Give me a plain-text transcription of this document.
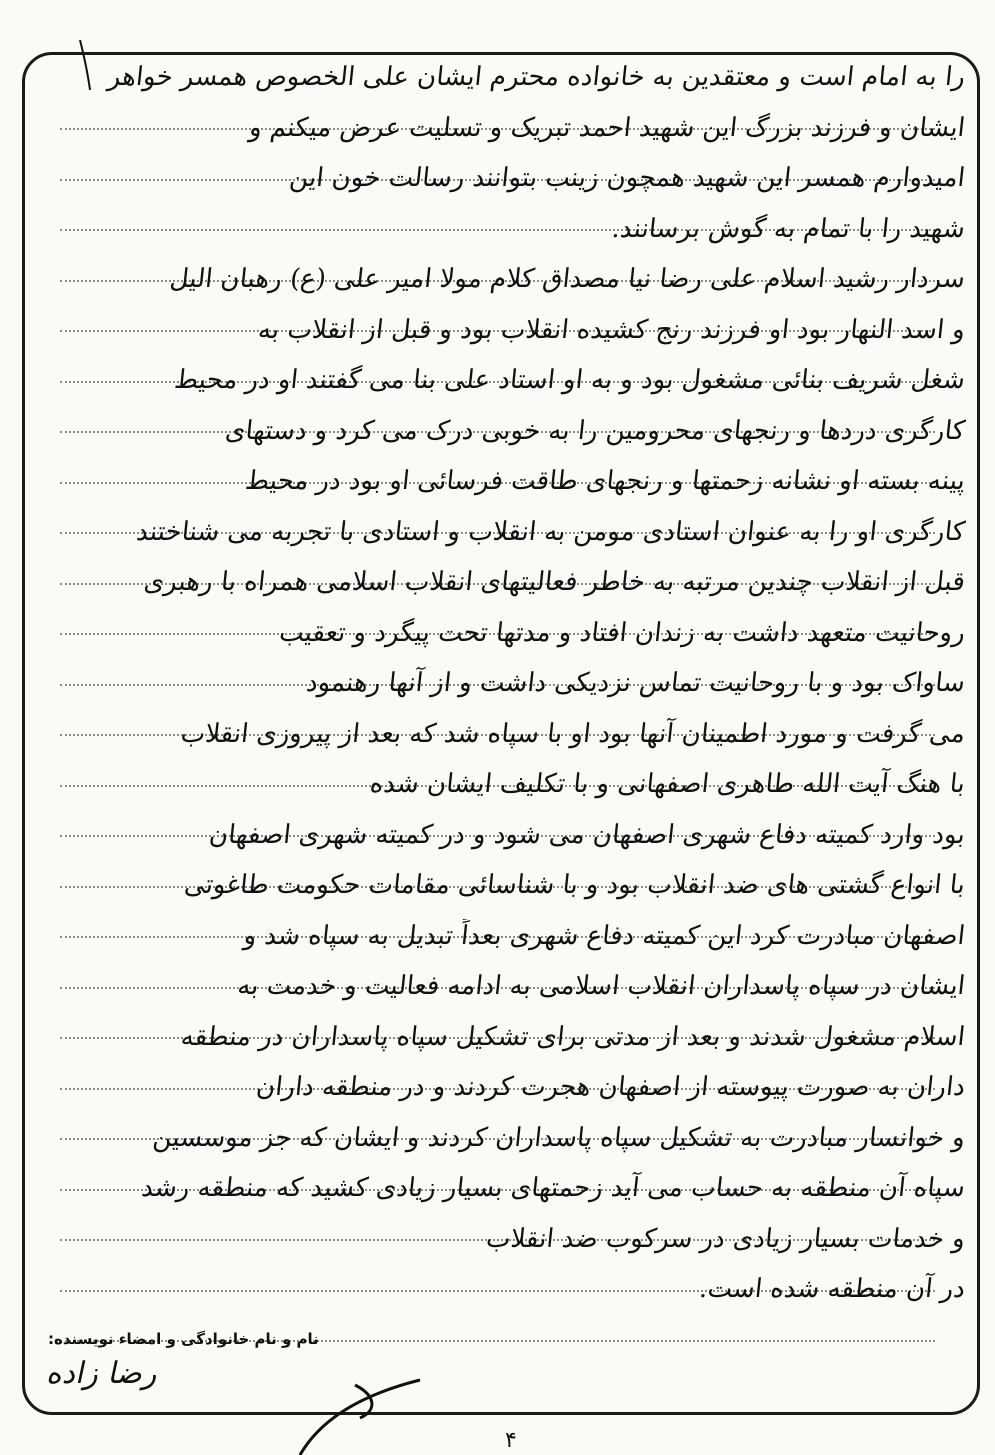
را به امام است و معتقدین به خانواده محترم ایشان علی الخصوص همسر خواهر
ایشان و فرزند بزرگ این شهید احمد تبریک و تسلیت عرض میکنم و
امیدوارم همسر این شهید همچون زینب بتوانند رسالت خون این
شهید را با تمام به گوش برسانند.
سردار رشید اسلام علی رضا نیا مصداق کلام مولا امیر علی (ع) رهبان الیل
و اسد النهار بود او فرزند رنج کشیده انقلاب بود و قبل از انقلاب به
شغل شریف بنائی مشغول بود و به او استاد علی بنا می گفتند او در محیط
کارگری دردها و رنجهای محرومین را به خوبی درک می کرد و دستهای
پینه بسته او نشانه زحمتها و رنجهای طاقت فرسائی او بود در محیط
کارگری او را به عنوان استادی مومن به انقلاب و استادی با تجربه می شناختند
قبل از انقلاب چندین مرتبه به خاطر فعالیتهای انقلاب اسلامی همراه با رهبری
روحانیت متعهد داشت به زندان افتاد و مدتها تحت پیگرد و تعقیب
ساواک بود و با روحانیت تماس نزدیکی داشت و از آنها رهنمود
می گرفت و مورد اطمینان آنها بود او با سپاه شد که بعد از پیروزی انقلاب
با هنگ آیت الله طاهری اصفهانی و با تکلیف ایشان شده
بود وارد کمیته دفاع شهری اصفهان می شود و در کمیته شهری اصفهان
با انواع گشتی های ضد انقلاب بود و با شناسائی مقامات حکومت طاغوتی
اصفهان مبادرت کرد این کمیته دفاع شهری بعداً تبدیل به سپاه شد و
ایشان در سپاه پاسداران انقلاب اسلامی به ادامه فعالیت و خدمت به
اسلام مشغول شدند و بعد از مدتی برای تشکیل سپاه پاسداران در منطقه
داران به صورت پیوسته از اصفهان هجرت کردند و در منطقه داران
و خوانسار مبادرت به تشکیل سپاه پاسداران کردند و ایشان که جز موسسین
سپاه آن منطقه به حساب می آید زحمتهای بسیار زیادی کشید که منطقه رشد
و خدمات بسیار زیادی در سرکوب ضد انقلاب
در آن منطقه شده است.
نام و نام خانوادگی و امضاء نویسنده:
رضا زاده
۴
